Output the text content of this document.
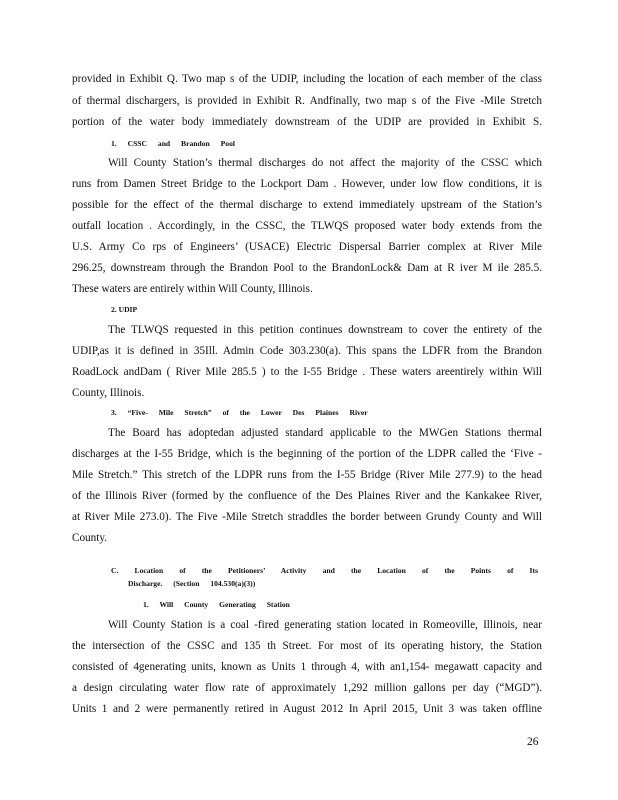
provided in Exhibit Q. Two map s of the UDIP, including the location of each member of the class
of thermal dischargers, is provided in Exhibit R. Andfinally, two map s of the Five -Mile Stretch
portion of the water body immediately downstream of the UDIP are provided in Exhibit S.
1. CSSC and Brandon Pool
Will County Station’s thermal discharges do not affect the majority of the CSSC which
runs from Damen Street Bridge to the Lockport Dam . However, under low flow conditions, it is
possible for the effect of the thermal discharge to extend immediately upstream of the Station’s
outfall location . Accordingly, in the CSSC, the TLWQS proposed water body extends from the
U.S. Army Co rps of Engineers’ (USACE) Electric Dispersal Barrier complex at River Mile
296.25, downstream through the Brandon Pool to the BrandonLock& Dam at R iver M ile 285.5.
These waters are entirely within Will County, Illinois.
2. UDIP
The TLWQS requested in this petition continues downstream to cover the entirety of the
UDIP,as it is defined in 35Ill. Admin Code 303.230(a). This spans the LDFR from the Brandon
RoadLock andDam ( River Mile 285.5 ) to the I-55 Bridge . These waters areentirely within Will
County, Illinois.
3. “Five- Mile Stretch” of the Lower Des Plaines River
The Board has adoptedan adjusted standard applicable to the MWGen Stations thermal
discharges at the I-55 Bridge, which is the beginning of the portion of the LDPR called the ‘Five -
Mile Stretch.” This stretch of the LDPR runs from the I-55 Bridge (River Mile 277.9) to the head
of the Illinois River (formed by the confluence of the Des Plaines River and the Kankakee River,
at River Mile 273.0). The Five -Mile Stretch straddles the border between Grundy County and Will
County.
C. Location of the Petitioners’ Activity and the Location of the Points of Its
Discharge. (Section 104.530(a)(3))
1. Will County Generating Station
Will County Station is a coal -fired generating station located in Romeoville, Illinois, near
the intersection of the CSSC and 135 th Street. For most of its operating history, the Station
consisted of 4generating units, known as Units 1 through 4, with an1,154- megawatt capacity and
a design circulating water flow rate of approximately 1,292 million gallons per day (“MGD”).
Units 1 and 2 were permanently retired in August 2012 In April 2015, Unit 3 was taken offline
26
